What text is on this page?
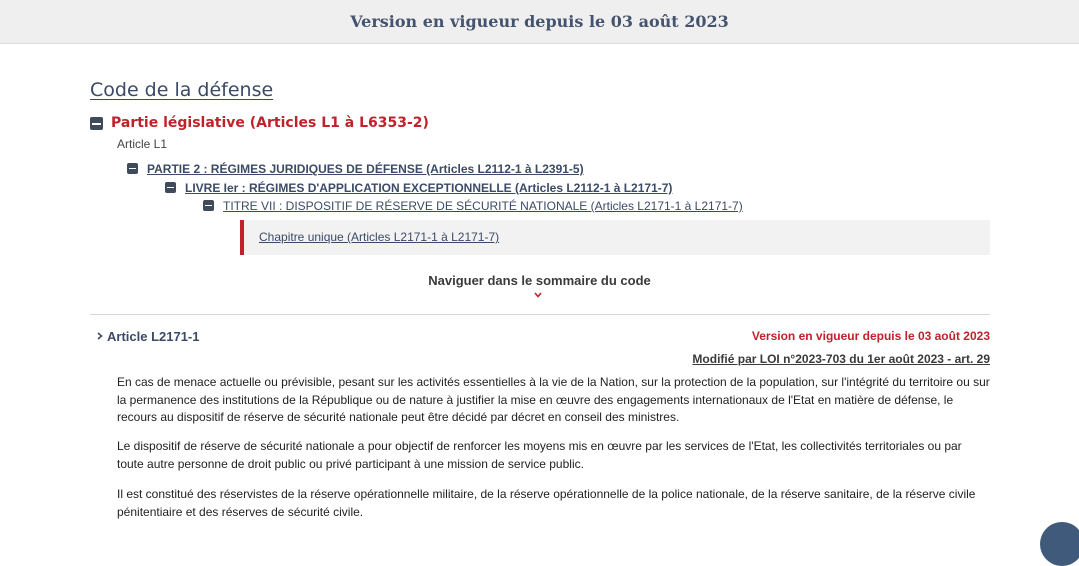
Version en vigueur depuis le 03 août 2023
Code de la défense
Partie législative (Articles L1 à L6353-2)
Article L1
PARTIE 2 : RÉGIMES JURIDIQUES DE DÉFENSE (Articles L2112-1 à L2391-5)
LIVRE Ier : RÉGIMES D'APPLICATION EXCEPTIONNELLE (Articles L2112-1 à L2171-7)
TITRE VII : DISPOSITIF DE RÉSERVE DE SÉCURITÉ NATIONALE (Articles L2171-1 à L2171-7)
Chapitre unique (Articles L2171-1 à L2171-7)
Naviguer dans le sommaire du code
Article L2171-1	Version en vigueur depuis le 03 août 2023
Modifié par LOI n°2023-703 du 1er août 2023 - art. 29

En cas de menace actuelle ou prévisible, pesant sur les activités essentielles à la vie de la Nation, sur la protection de la population, sur l'intégrité du territoire ou sur la permanence des institutions de la République ou de nature à justifier la mise en œuvre des engagements internationaux de l'Etat en matière de défense, le recours au dispositif de réserve de sécurité nationale peut être décidé par décret en conseil des ministres.

Le dispositif de réserve de sécurité nationale a pour objectif de renforcer les moyens mis en œuvre par les services de l'Etat, les collectivités territoriales ou par toute autre personne de droit public ou privé participant à une mission de service public.

Il est constitué des réservistes de la réserve opérationnelle militaire, de la réserve opérationnelle de la police nationale, de la réserve sanitaire, de la réserve civile pénitentiaire et des réserves de sécurité civile.
